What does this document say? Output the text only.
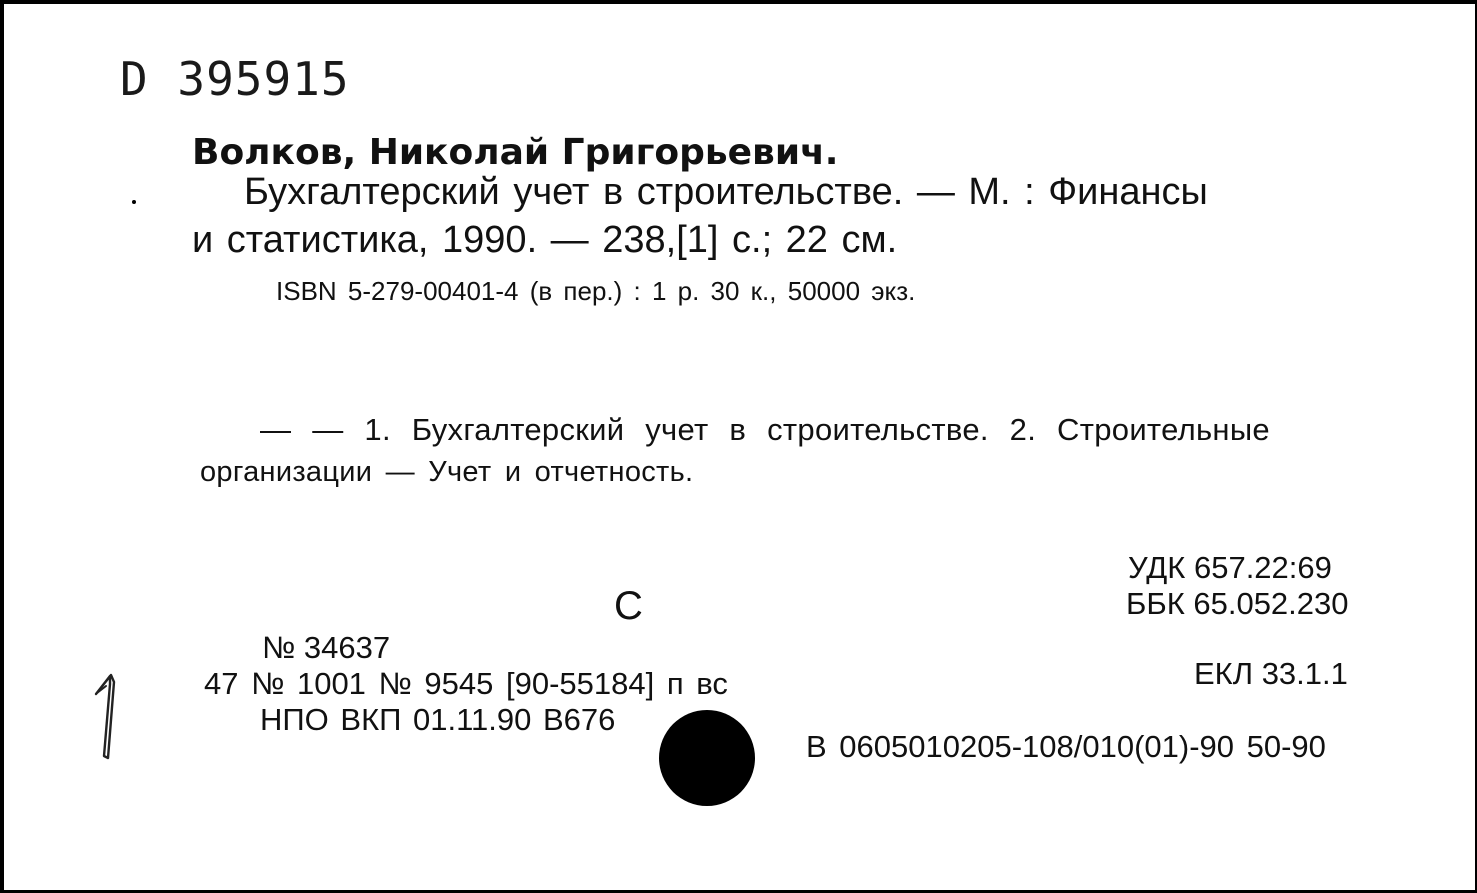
D 395915
Волков, Николай Григорьевич.
Бухгалтерский учет в строительстве. — М. : Финансы
и статистика, 1990. — 238,[1] с.; 22 см.
ISBN 5-279-00401-4 (в пер.) : 1 р. 30 к., 50000 экз.
— — 1. Бухгалтерский учет в строительстве. 2. Строительные
организации — Учет и отчетность.
С
УДК 657.22:69
ББК 65.052.230
№ 34637
47 № 1001 № 9545 [90-55184] п вс	ЕКЛ 33.1.1
НПО ВКП 01.11.90 В676
В 0605010205-108/010(01)-90 50-90
